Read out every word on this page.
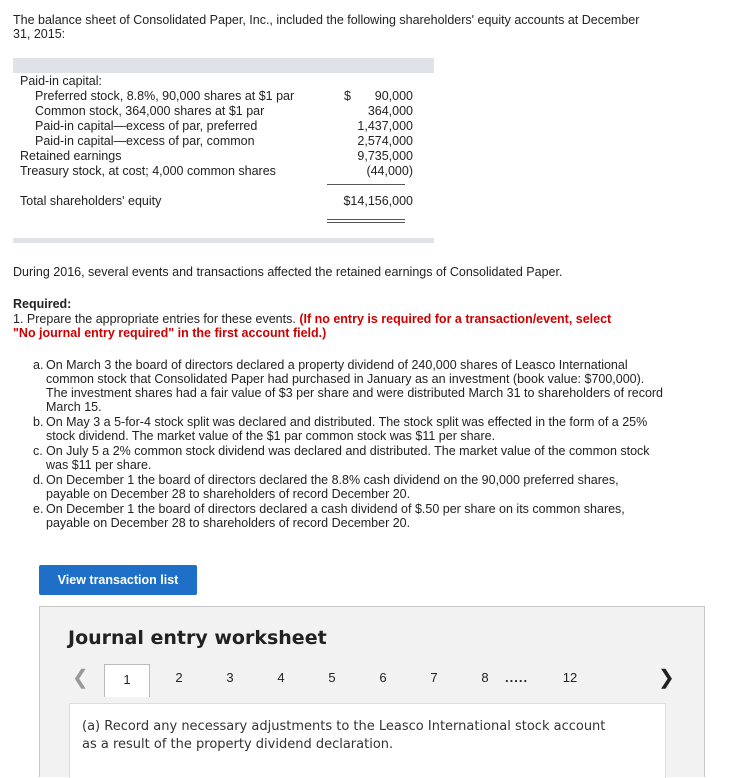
The balance sheet of Consolidated Paper, Inc., included the following shareholders' equity accounts at December 31, 2015:
Paid-in capital:
Preferred stock, 8.8%, 90,000 shares at $1 par	$ 90,000
Common stock, 364,000 shares at $1 par	364,000
Paid-in capital—excess of par, preferred	1,437,000
Paid-in capital—excess of par, common	2,574,000
Retained earnings	9,735,000
Treasury stock, at cost; 4,000 common shares	(44,000)
Total shareholders' equity	$14,156,000
During 2016, several events and transactions affected the retained earnings of Consolidated Paper.
Required:
1. Prepare the appropriate entries for these events. (If no entry is required for a transaction/event, select "No journal entry required" in the first account field.)
a. On March 3 the board of directors declared a property dividend of 240,000 shares of Leasco International common stock that Consolidated Paper had purchased in January as an investment (book value: $700,000). The investment shares had a fair value of $3 per share and were distributed March 31 to shareholders of record March 15.
b. On May 3 a 5-for-4 stock split was declared and distributed. The stock split was effected in the form of a 25% stock dividend. The market value of the $1 par common stock was $11 per share.
c. On July 5 a 2% common stock dividend was declared and distributed. The market value of the common stock was $11 per share.
d. On December 1 the board of directors declared the 8.8% cash dividend on the 90,000 preferred shares, payable on December 28 to shareholders of record December 20.
e. On December 1 the board of directors declared a cash dividend of $.50 per share on its common shares, payable on December 28 to shareholders of record December 20.
View transaction list
Journal entry worksheet
❮	1	2	3	4	5	6	7	8	.....	12	❯
(a) Record any necessary adjustments to the Leasco International stock account as a result of the property dividend declaration.
